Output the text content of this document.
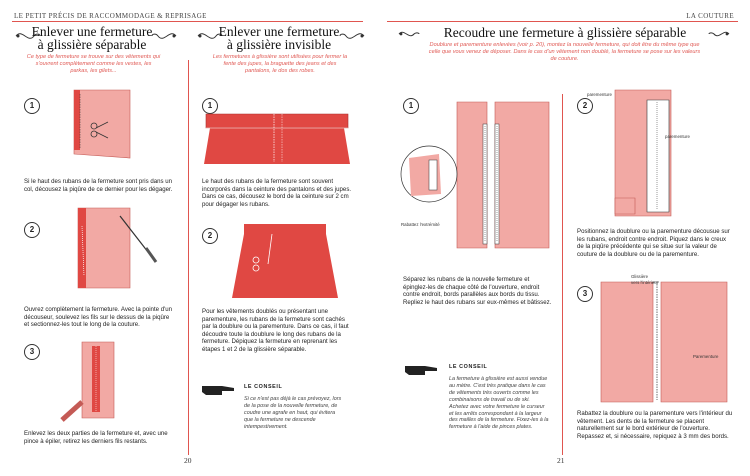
LE PETIT PRÉCIS DE RACCOMMODAGE & REPRISAGE
Enlever une fermeture
à glissière séparable
Ce type de fermeture se trouve sur des vêtements qui s'ouvrent complètement comme les vestes, les parkas, les gilets...
1
Si le haut des rubans de la fermeture sont pris dans un col, décousez la piqûre de ce dernier pour les dégager.
2
Ouvrez complètement la fermeture. Avec la pointe d'un découseur, soulevez les fils sur le dessus de la piqûre et sectionnez-les tout le long de la couture.
3
Enlevez les deux parties de la fermeture et, avec une pince à épiler, retirez les derniers fils restants.
Enlever une fermeture
à glissière invisible
Les fermetures à glissière sont utilisées pour fermer la fente des jupes, la braguette des jeans et des pantalons, le dos des robes.
1
Le haut des rubans de la fermeture sont souvent incorporés dans la ceinture des pantalons et des jupes. Dans ce cas, décousez le bord de la ceinture sur 2 cm pour dégager les rubans.
2
Pour les vêtements doublés ou présentant une parementure, les rubans de la fermeture sont cachés par la doublure ou la parementure. Dans ce cas, il faut découdre toute la doublure le long des rubans de la fermeture. Dépiquez la fermeture en reprenant les étapes 1 et 2 de la glissière séparable.
LE CONSEIL
Si ce n'est pas déjà le cas prévoyez, lors de la pose de la nouvelle fermeture, de coudre une agrafe en haut, qui évitera que la fermeture ne descende intempestivement.
20
LA COUTURE
Recoudre une fermeture à glissière séparable
Doublure et parementure enlevées (voir p. 20), montez la nouvelle fermeture, qui doit être du même type que celle que vous venez de déposer. Dans le cas d'un vêtement non doublé, la fermeture se pose sur les valeurs de couture.
1
Rabattez l'extrémité
Séparez les rubans de la nouvelle fermeture et épinglez-les de chaque côté de l'ouverture, endroit contre endroit, bords parallèles aux bords du tissu. Repliez le haut des rubans sur eux-mêmes et bâtissez.
LE CONSEIL
La fermeture à glissière est aussi vendue au mètre. C'est très pratique dans le cas de vêtements très ouverts comme les combinaisons de travail ou de ski. Achetez avec votre fermeture le curseur et les arrêts correspondant à la largeur des mailles de la fermeture. Fixez-les à la fermeture à l'aide de pinces plates.
2
parementure
parementure
Positionnez la doublure ou la parementure décousue sur les rubans, endroit contre endroit. Piquez dans le creux de la piqûre précédente qui se situe sur la valeur de couture de la doublure ou de la parementure.
3
Glissière
vers l'intérieur
Parementure
Rabattez la doublure ou la parementure vers l'intérieur du vêtement. Les dents de la fermeture se placent naturellement sur le bord extérieur de l'ouverture. Repassez et, si nécessaire, repiquez à 3 mm des bords.
21
